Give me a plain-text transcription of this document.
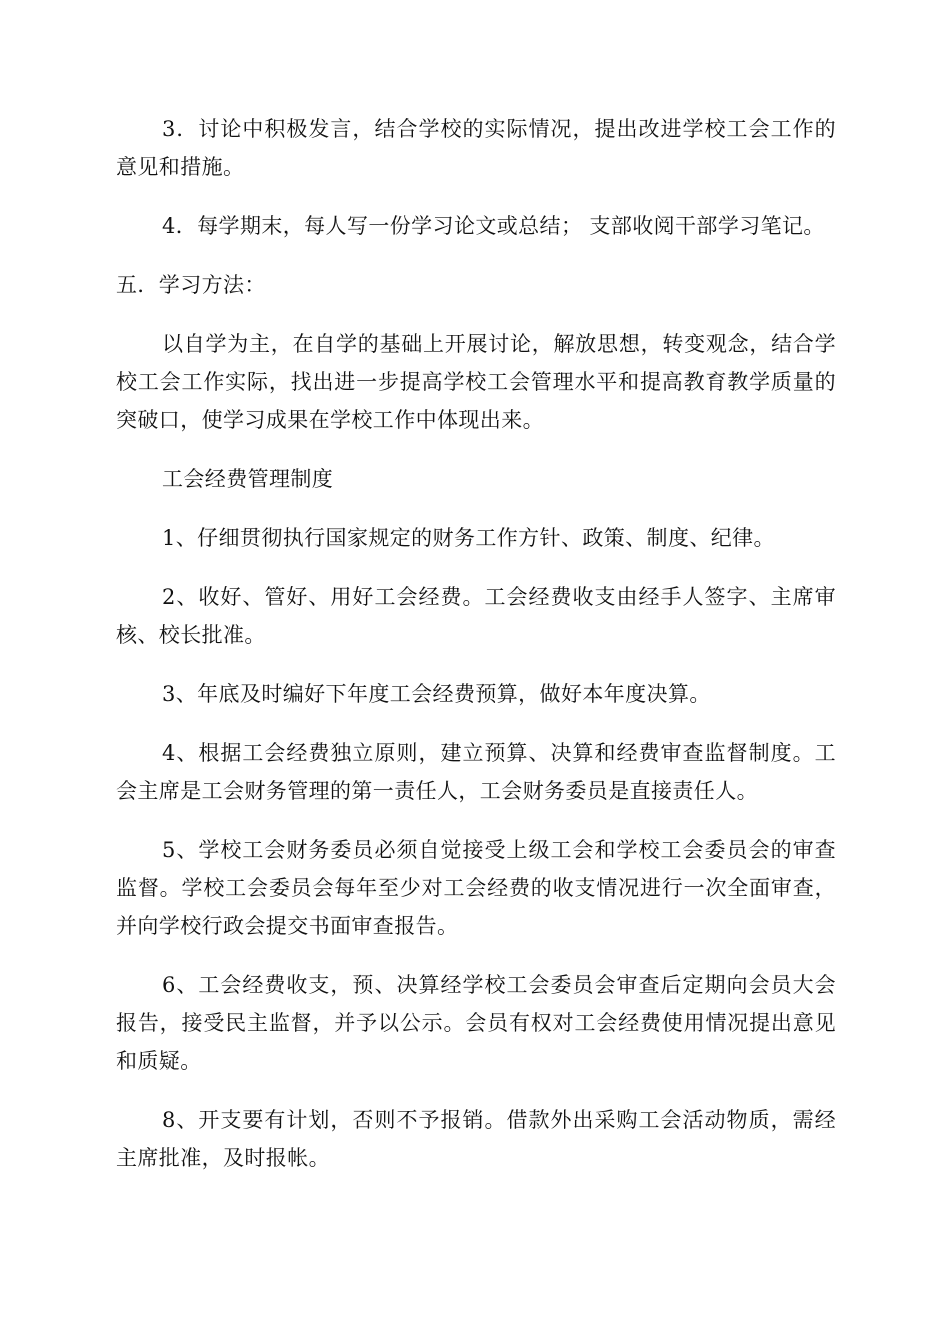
3．讨论中积极发言，结合学校的实际情况，提出改进学校工会工作的意见和措施。

4．每学期末，每人写一份学习论文或总结； 支部收阅干部学习笔记。

五．学习方法：

以自学为主，在自学的基础上开展讨论，解放思想，转变观念，结合学校工会工作实际，找出进一步提高学校工会管理水平和提高教育教学质量的突破口，使学习成果在学校工作中体现出来。

工会经费管理制度

1、仔细贯彻执行国家规定的财务工作方针、政策、制度、纪律。

2、收好、管好、用好工会经费。工会经费收支由经手人签字、主席审核、校长批准。

3、年底及时编好下年度工会经费预算，做好本年度决算。

4、根据工会经费独立原则，建立预算、决算和经费审查监督制度。工会主席是工会财务管理的第一责任人，工会财务委员是直接责任人。

5、学校工会财务委员必须自觉接受上级工会和学校工会委员会的审查监督。学校工会委员会每年至少对工会经费的收支情况进行一次全面审查，并向学校行政会提交书面审查报告。

6、工会经费收支，预、决算经学校工会委员会审查后定期向会员大会报告，接受民主监督，并予以公示。会员有权对工会经费使用情况提出意见和质疑。

8、开支要有计划，否则不予报销。借款外出采购工会活动物质，需经主席批准，及时报帐。
